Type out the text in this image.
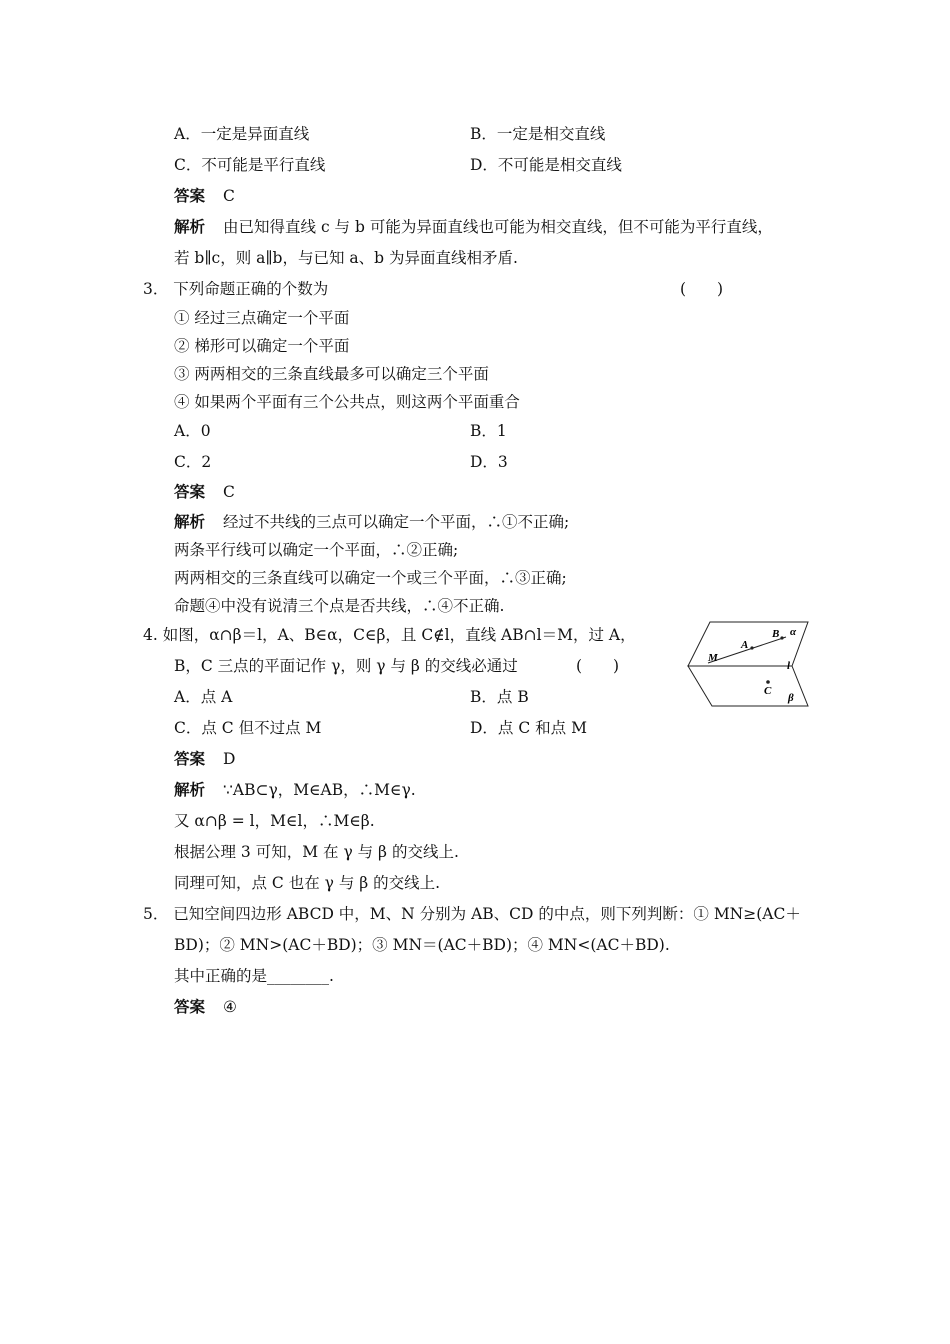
A．一定是异面直线	B．一定是相交直线
C．不可能是平行直线	D．不可能是相交直线
答案 C
解析 由已知得直线 c 与 b 可能为异面直线也可能为相交直线，但不可能为平行直线，
若 b∥c，则 a∥b，与已知 a、b 为异面直线相矛盾.
3． 下列命题正确的个数为	(　　)
① 经过三点确定一个平面
② 梯形可以确定一个平面
③ 两两相交的三条直线最多可以确定三个平面
④ 如果两个平面有三个公共点，则这两个平面重合
A．0	B．1
C．2	D．3
答案 C
解析 经过不共线的三点可以确定一个平面，∴①不正确;
两条平行线可以确定一个平面，∴②正确;
两两相交的三条直线可以确定一个或三个平面，∴③正确;
命题④中没有说清三个点是否共线，∴④不正确.
4. 如图，α∩β＝l，A、B∈α，C∈β，且 C∉l，直线 AB∩l＝M，过 A，
B，C 三点的平面记作 γ，则 γ 与 β 的交线必通过	(　　)
A．点 A	B．点 B
C．点 C 但不过点 M	D．点 C 和点 M
答案 D
解析 ∵AB⊂γ，M∈AB，∴M∈γ.
又 α∩β = l，M∈l，∴M∈β.
根据公理 3 可知，M 在 γ 与 β 的交线上.
同理可知，点 C 也在 γ 与 β 的交线上.
5． 已知空间四边形 ABCD 中，M、N 分别为 AB、CD 的中点，则下列判断：① MN≥(AC＋
BD)；② MN>(AC＋BD)；③ MN＝(AC＋BD)；④ MN<(AC＋BD).
其中正确的是________.
答案 ④
A
B
M
α
l
C
β
